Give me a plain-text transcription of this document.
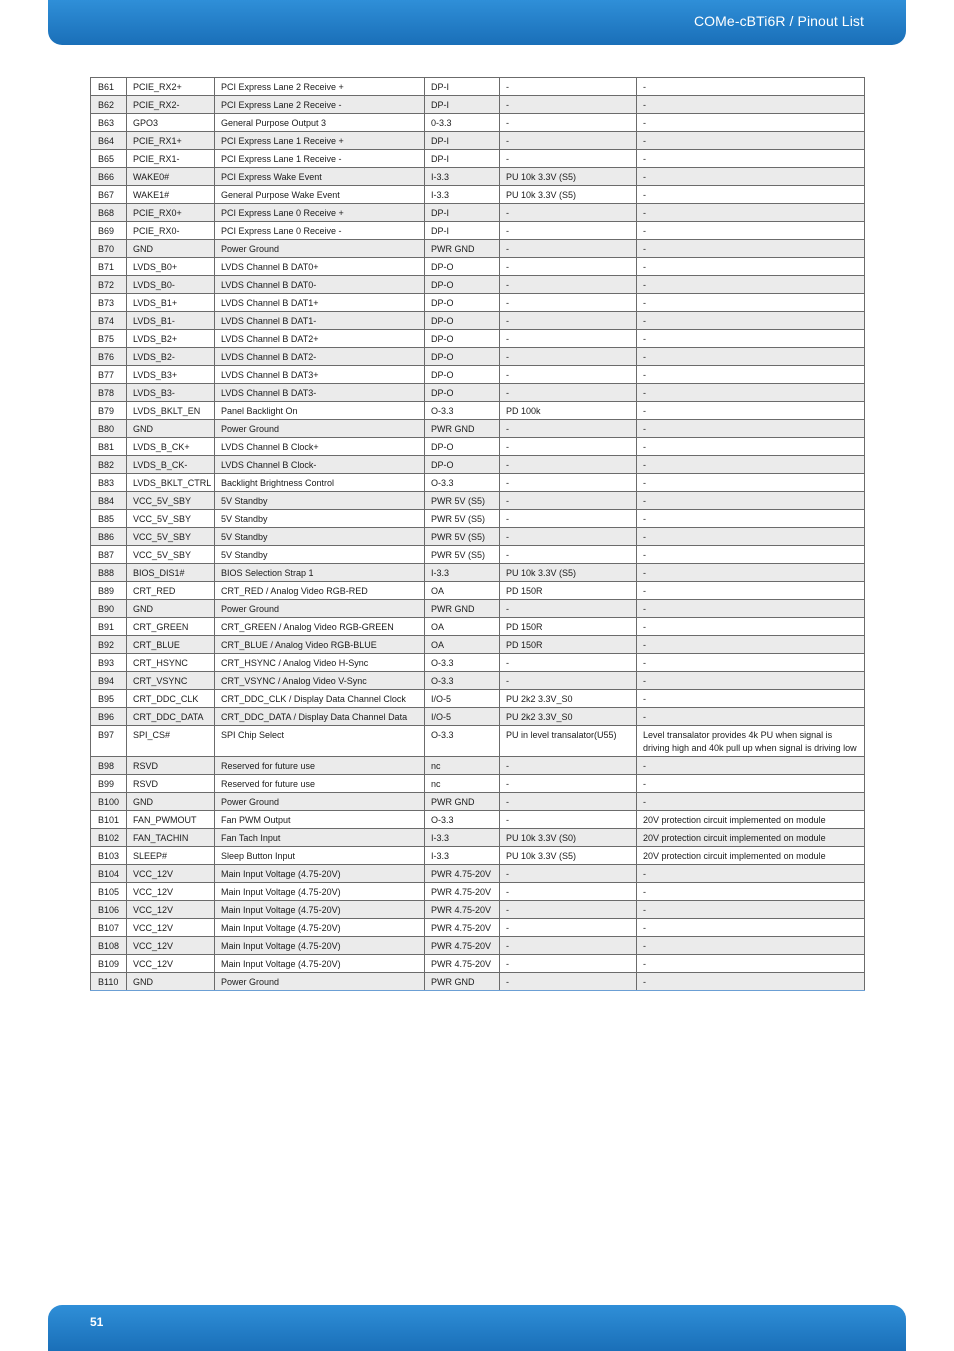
COMe-cBTi6R / Pinout List
B61	PCIE_RX2+	PCI Express Lane 2 Receive +	DP-I	-	-
B62	PCIE_RX2-	PCI Express Lane 2 Receive -	DP-I	-	-
B63	GPO3	General Purpose Output 3	0-3.3	-	-
B64	PCIE_RX1+	PCI Express Lane 1 Receive +	DP-I	-	-
B65	PCIE_RX1-	PCI Express Lane 1 Receive -	DP-I	-	-
B66	WAKE0#	PCI Express Wake Event	I-3.3	PU 10k 3.3V (S5)	-
B67	WAKE1#	General Purpose Wake Event	I-3.3	PU 10k 3.3V (S5)	-
B68	PCIE_RX0+	PCI Express Lane 0 Receive +	DP-I	-	-
B69	PCIE_RX0-	PCI Express Lane 0 Receive -	DP-I	-	-
B70	GND	Power Ground	PWR GND	-	-
B71	LVDS_B0+	LVDS Channel B DAT0+	DP-O	-	-
B72	LVDS_B0-	LVDS Channel B DAT0-	DP-O	-	-
B73	LVDS_B1+	LVDS Channel B DAT1+	DP-O	-	-
B74	LVDS_B1-	LVDS Channel B DAT1-	DP-O	-	-
B75	LVDS_B2+	LVDS Channel B DAT2+	DP-O	-	-
B76	LVDS_B2-	LVDS Channel B DAT2-	DP-O	-	-
B77	LVDS_B3+	LVDS Channel B DAT3+	DP-O	-	-
B78	LVDS_B3-	LVDS Channel B DAT3-	DP-O	-	-
B79	LVDS_BKLT_EN	Panel Backlight On	O-3.3	PD 100k	-
B80	GND	Power Ground	PWR GND	-	-
B81	LVDS_B_CK+	LVDS Channel B Clock+	DP-O	-	-
B82	LVDS_B_CK-	LVDS Channel B Clock-	DP-O	-	-
B83	LVDS_BKLT_CTRL	Backlight Brightness Control	O-3.3	-	-
B84	VCC_5V_SBY	5V Standby	PWR 5V (S5)	-	-
B85	VCC_5V_SBY	5V Standby	PWR 5V (S5)	-	-
B86	VCC_5V_SBY	5V Standby	PWR 5V (S5)	-	-
B87	VCC_5V_SBY	5V Standby	PWR 5V (S5)	-	-
B88	BIOS_DIS1#	BIOS Selection Strap 1	I-3.3	PU 10k 3.3V (S5)	-
B89	CRT_RED	CRT_RED / Analog Video RGB-RED	OA	PD 150R	-
B90	GND	Power Ground	PWR GND	-	-
B91	CRT_GREEN	CRT_GREEN / Analog Video RGB-GREEN	OA	PD 150R	-
B92	CRT_BLUE	CRT_BLUE / Analog Video RGB-BLUE	OA	PD 150R	-
B93	CRT_HSYNC	CRT_HSYNC / Analog Video H-Sync	O-3.3	-	-
B94	CRT_VSYNC	CRT_VSYNC / Analog Video V-Sync	O-3.3	-	-
B95	CRT_DDC_CLK	CRT_DDC_CLK / Display Data Channel Clock	I/O-5	PU 2k2 3.3V_S0	-
B96	CRT_DDC_DATA	CRT_DDC_DATA / Display Data Channel Data	I/O-5	PU 2k2 3.3V_S0	-
B97	SPI_CS#	SPI Chip Select	O-3.3	PU in level transalator(U55)	Level transalator provides 4k PU when signal is driving high and 40k pull up when signal is driving low
B98	RSVD	Reserved for future use	nc	-	-
B99	RSVD	Reserved for future use	nc	-	-
B100	GND	Power Ground	PWR GND	-	-
B101	FAN_PWMOUT	Fan PWM Output	O-3.3	-	20V protection circuit implemented on module
B102	FAN_TACHIN	Fan Tach Input	I-3.3	PU 10k 3.3V (S0)	20V protection circuit implemented on module
B103	SLEEP#	Sleep Button Input	I-3.3	PU 10k 3.3V (S5)	20V protection circuit implemented on module
B104	VCC_12V	Main Input Voltage (4.75-20V)	PWR 4.75-20V	-	-
B105	VCC_12V	Main Input Voltage (4.75-20V)	PWR 4.75-20V	-	-
B106	VCC_12V	Main Input Voltage (4.75-20V)	PWR 4.75-20V	-	-
B107	VCC_12V	Main Input Voltage (4.75-20V)	PWR 4.75-20V	-	-
B108	VCC_12V	Main Input Voltage (4.75-20V)	PWR 4.75-20V	-	-
B109	VCC_12V	Main Input Voltage (4.75-20V)	PWR 4.75-20V	-	-
B110	GND	Power Ground	PWR GND	-	-
51
